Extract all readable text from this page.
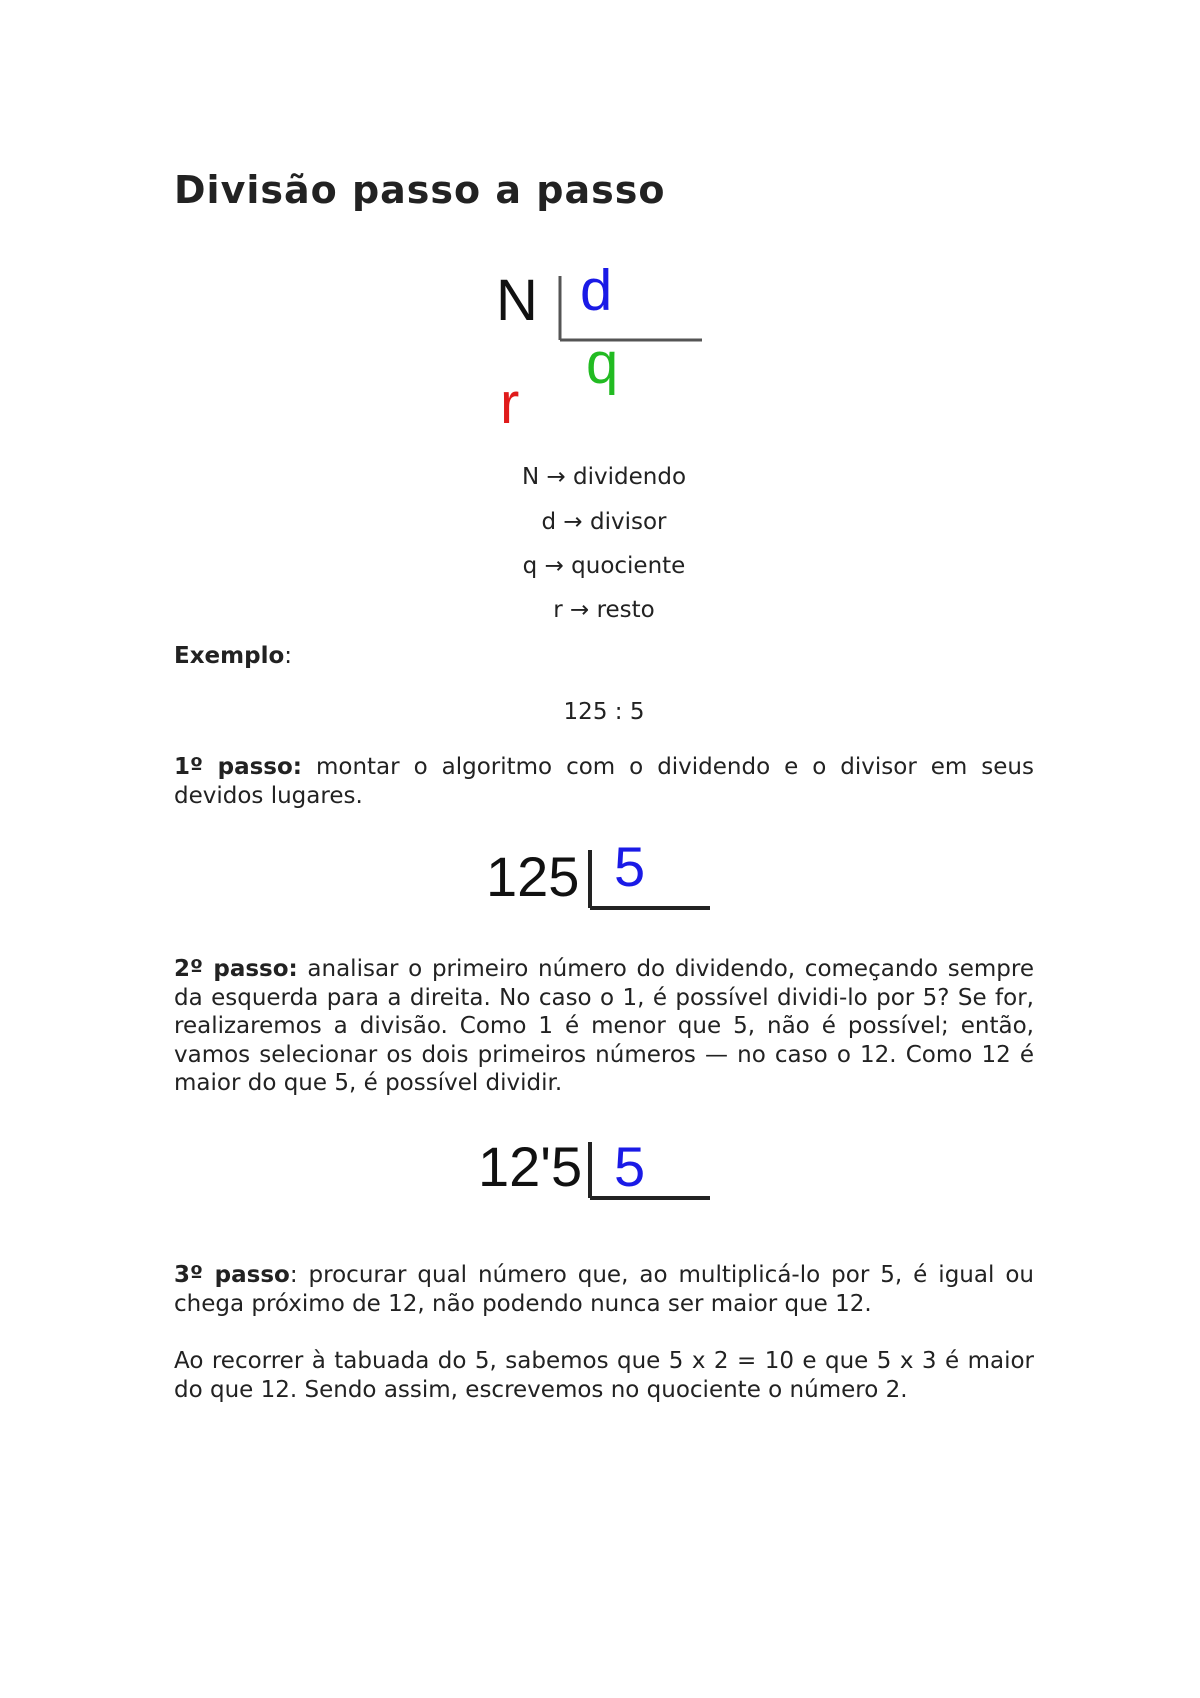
Divisão passo a passo
N d
q
r
N → dividendo
d → divisor
q → quociente
r → resto

Exemplo:

125 : 5

1º passo: montar o algoritmo com o dividendo e o divisor em seus devidos lugares.

125 5

2º passo: analisar o primeiro número do dividendo, começando sempre da esquerda para a direita. No caso o 1, é possível dividi-lo por 5? Se for, realizaremos a divisão. Como 1 é menor que 5, não é possível; então, vamos selecionar os dois primeiros números — no caso o 12. Como 12 é maior do que 5, é possível dividir.

12'5 5

3º passo: procurar qual número que, ao multiplicá-lo por 5, é igual ou chega próximo de 12, não podendo nunca ser maior que 12.

Ao recorrer à tabuada do 5, sabemos que 5 x 2 = 10 e que 5 x 3 é maior do que 12. Sendo assim, escrevemos no quociente o número 2.
